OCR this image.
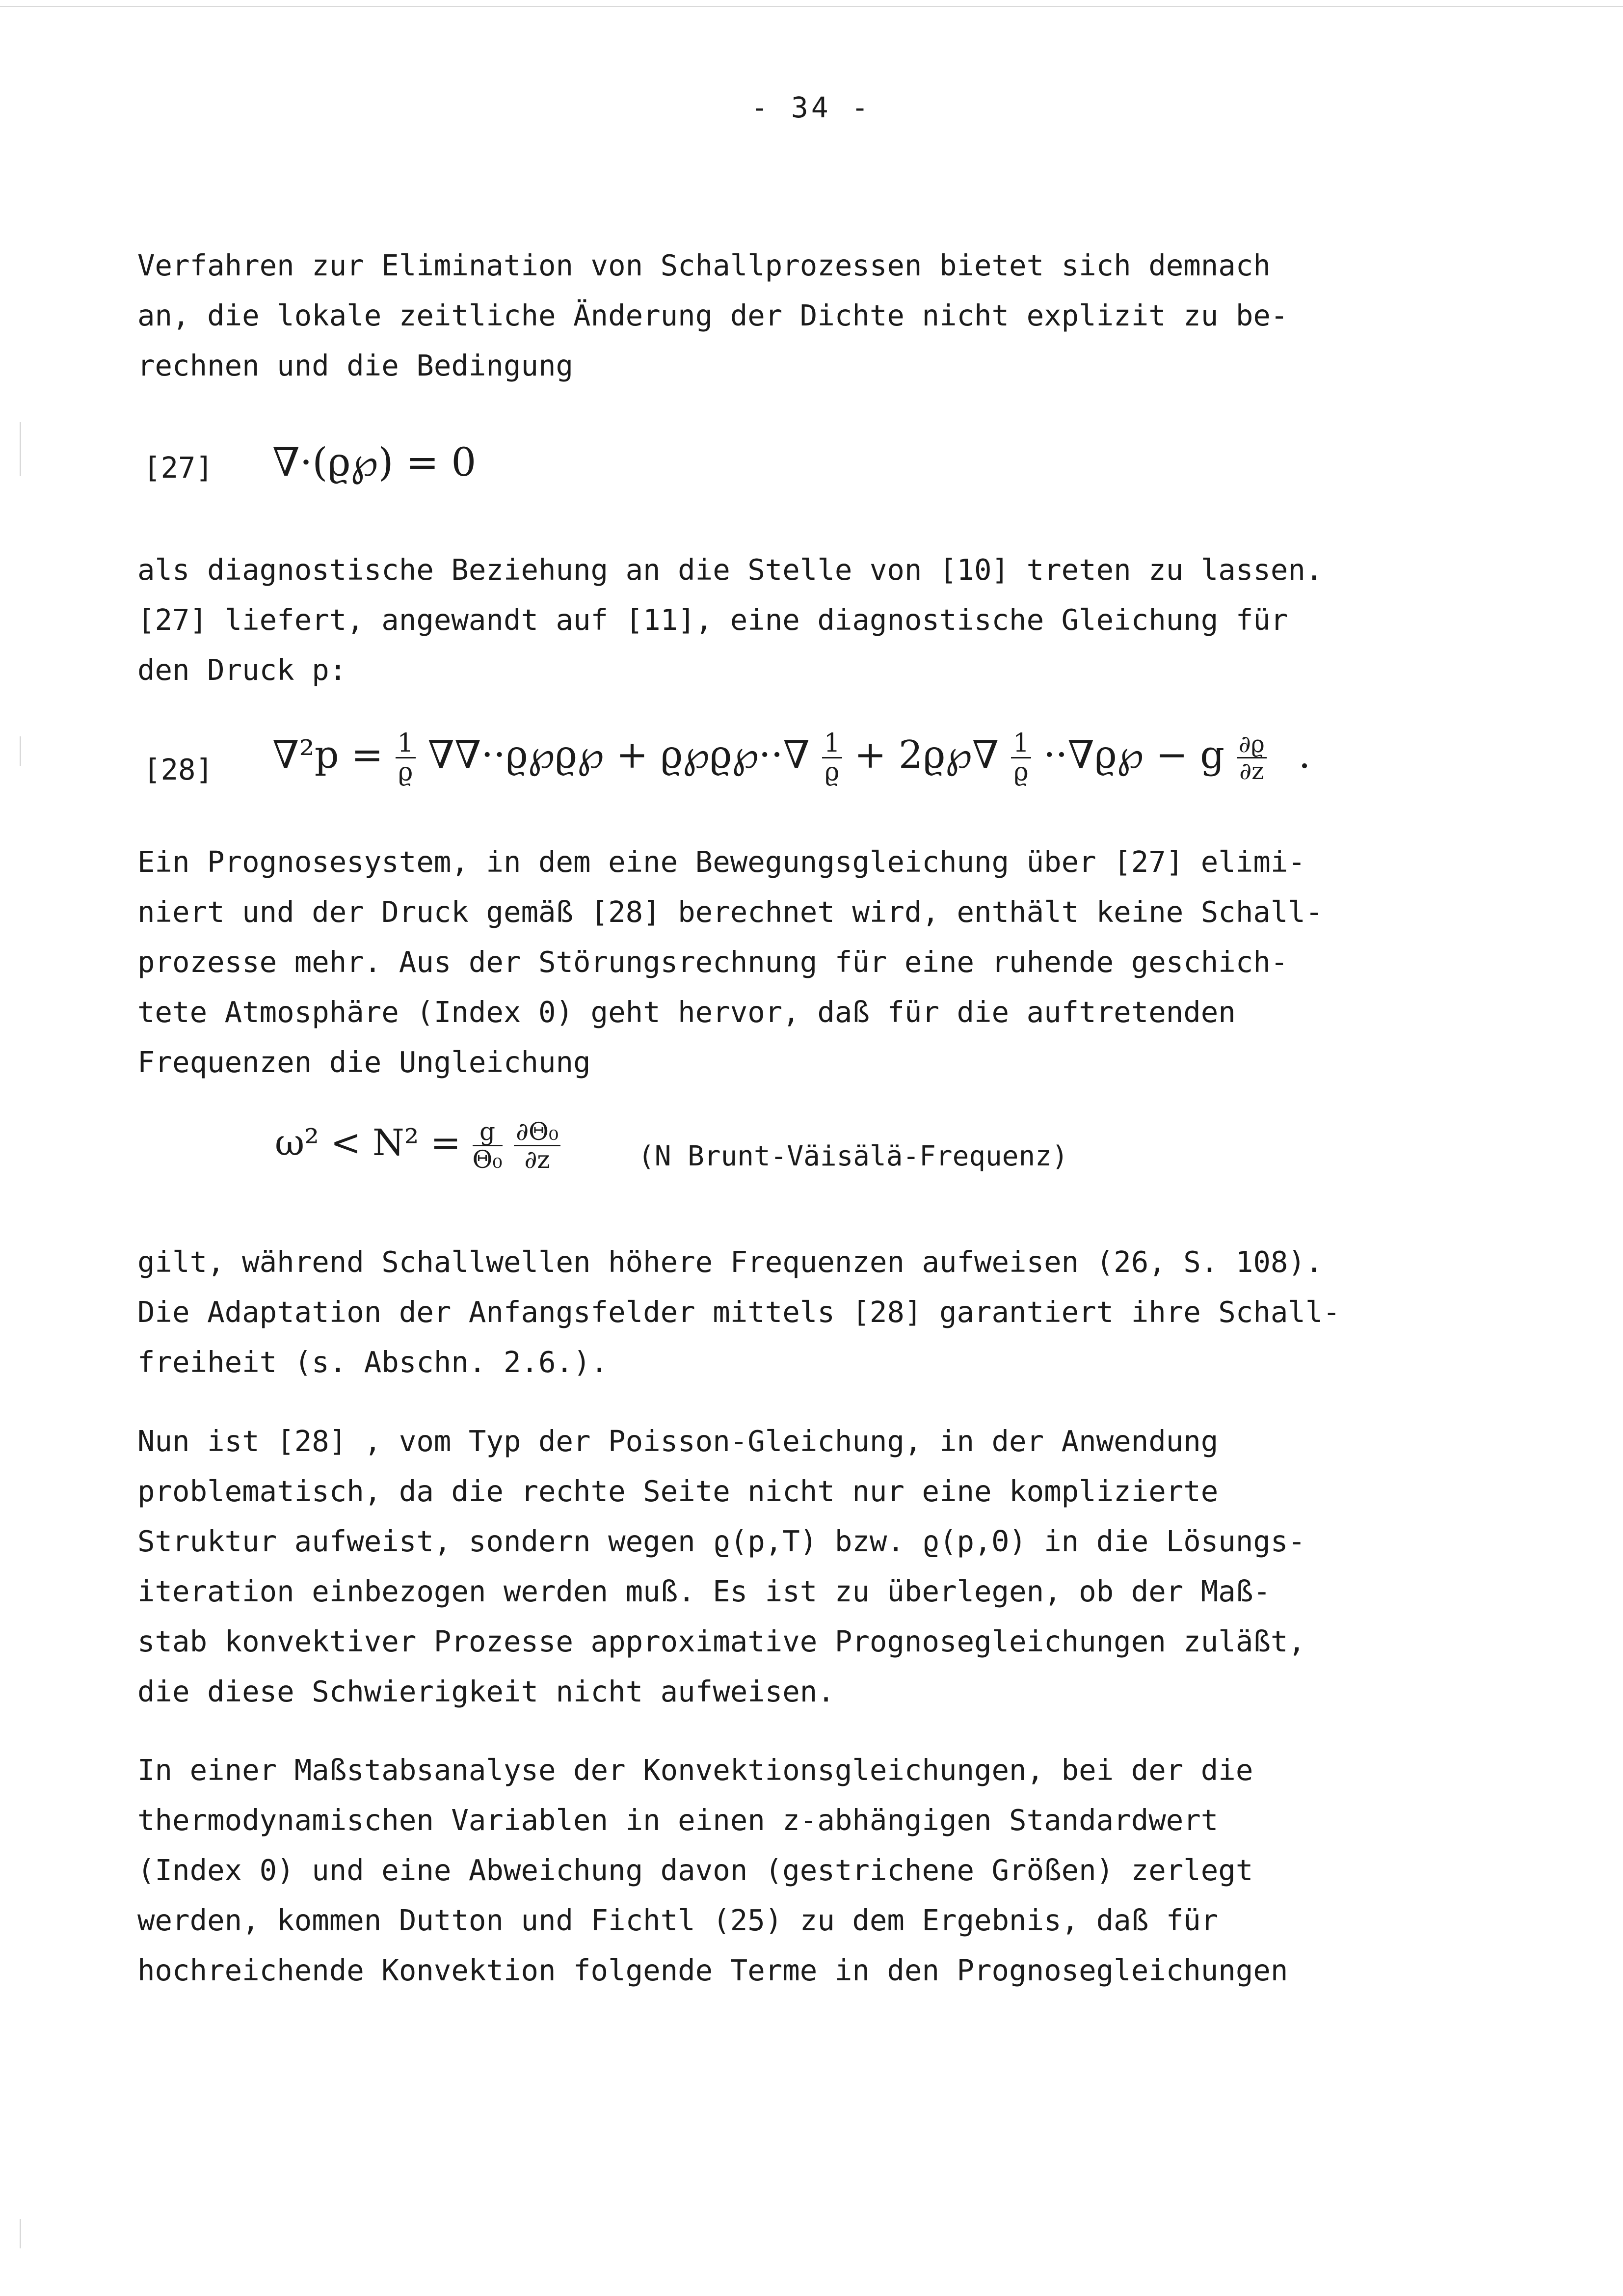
- 34 -
Verfahren zur Elimination von Schallprozessen bietet sich demnach
an, die lokale zeitliche Änderung der Dichte nicht explizit zu be-
rechnen und die Bedingung
[27] ∇·(ϱ℘) = 0
als diagnostische Beziehung an die Stelle von [10] treten zu lassen.
[27] liefert, angewandt auf [11], eine diagnostische Gleichung für
den Druck p:
[28] $\nabla^2p = \frac{1}{ϱ}$ ∇∇··ϱ℘ϱ℘ + ϱ℘ϱ℘··∇ $\frac{1}{ϱ}$ + 2ϱ℘∇ $\frac{1}{ϱ}$ ··∇ϱ℘ − g $\frac{\partial ϱ}{\partial z}$ .
Ein Prognosesystem, in dem eine Bewegungsgleichung über [27] elimi-
niert und der Druck gemäß [28] berechnet wird, enthält keine Schall-
prozesse mehr. Aus der Störungsrechnung für eine ruhende geschich-
tete Atmosphäre (Index 0) geht hervor, daß für die auftretenden
Frequenzen die Ungleichung
$\omega^2 < N^2 = \frac{g}{\text{Θ₀}}$
$\frac{\text{∂Θ₀}}{\partial z}$	(N Brunt-Väisälä-Frequenz)
gilt, während Schallwellen höhere Frequenzen aufweisen (26, S. 108).
Die Adaptation der Anfangsfelder mittels [28] garantiert ihre Schall-
freiheit (s. Abschn. 2.6.).
Nun ist [28] , vom Typ der Poisson-Gleichung, in der Anwendung
problematisch, da die rechte Seite nicht nur eine komplizierte
Struktur aufweist, sondern wegen ϱ(p,T) bzw. ϱ(p,Θ) in die Lösungs-
iteration einbezogen werden muß. Es ist zu überlegen, ob der Maß-
stab konvektiver Prozesse approximative Prognosegleichungen zuläßt,
die diese Schwierigkeit nicht aufweisen.
In einer Maßstabsanalyse der Konvektionsgleichungen, bei der die
thermodynamischen Variablen in einen z-abhängigen Standardwert
(Index 0) und eine Abweichung davon (gestrichene Größen) zerlegt
werden, kommen Dutton und Fichtl (25) zu dem Ergebnis, daß für
hochreichende Konvektion folgende Terme in den Prognosegleichungen
